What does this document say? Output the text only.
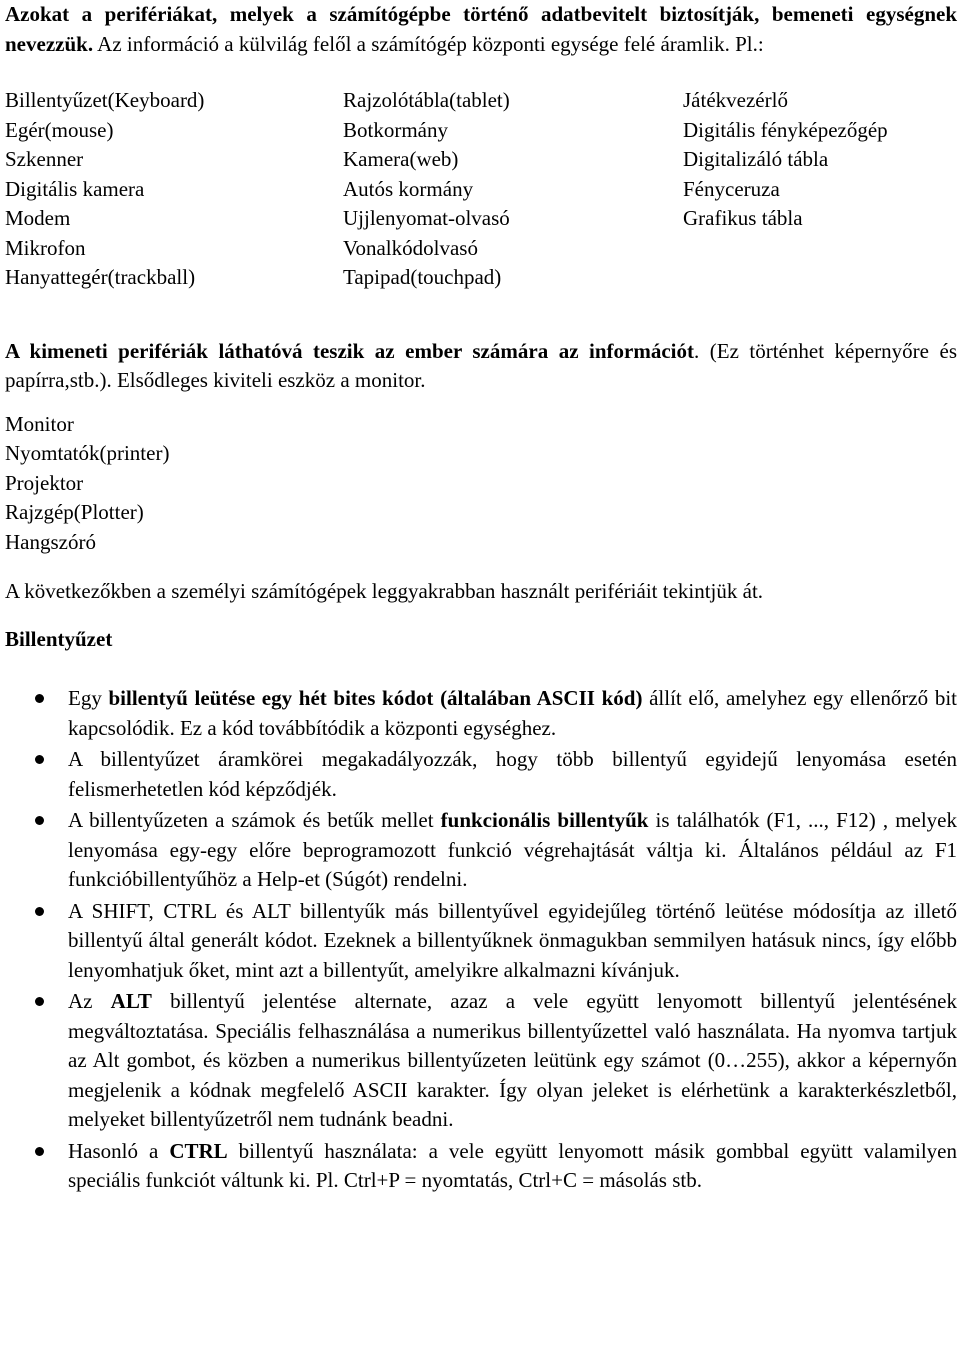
Azokat a perifériákat, melyek a számítógépbe történő adatbevitelt biztosítják, bemeneti egységnek nevezzük. Az információ a külvilág felől a számítógép központi egysége felé áramlik. Pl.:

Billentyűzet(Keyboard)
Egér(mouse)
Szkenner
Digitális kamera
Modem
Mikrofon
Hanyattegér(trackball)
Rajzolótábla(tablet)
Botkormány
Kamera(web)
Autós kormány
Ujjlenyomat-olvasó
Vonalkódolvasó
Tapipad(touchpad)
Játékvezérlő
Digitális fényképezőgép
Digitalizáló tábla
Fényceruza
Grafikus tábla

A kimeneti perifériák láthatóvá teszik az ember számára az információt. (Ez történhet képernyőre és papírra,stb.). Elsődleges kiviteli eszköz a monitor.

Monitor
Nyomtatók(printer)
Projektor
Rajzgép(Plotter)
Hangszóró

A következőkben a személyi számítógépek leggyakrabban használt perifériáit tekintjük át.

Billentyűzet

Egy billentyű leütése egy hét bites kódot (általában ASCII kód) állít elő, amelyhez egy ellenőrző bit kapcsolódik. Ez a kód továbbítódik a központi egységhez.
A billentyűzet áramkörei megakadályozzák, hogy több billentyű egyidejű lenyomása esetén felismerhetetlen kód képződjék.
A billentyűzeten a számok és betűk mellet funkcionális billentyűk is találhatók (F1, ..., F12) , melyek lenyomása egy-egy előre beprogramozott funkció végrehajtását váltja ki. Általános például az F1 funkcióbillentyűhöz a Help-et (Súgót) rendelni.
A SHIFT, CTRL és ALT billentyűk más billentyűvel egyidejűleg történő leütése módosítja az illető billentyű által generált kódot. Ezeknek a billentyűknek önmagukban semmilyen hatásuk nincs, így előbb lenyomhatjuk őket, mint azt a billentyűt, amelyikre alkalmazni kívánjuk.
Az ALT billentyű jelentése alternate, azaz a vele együtt lenyomott billentyű jelentésének megváltoztatása. Speciális felhasználása a numerikus billentyűzettel való használata. Ha nyomva tartjuk az Alt gombot, és közben a numerikus billentyűzeten leütünk egy számot (0…255), akkor a képernyőn megjelenik a kódnak megfelelő ASCII karakter. Így olyan jeleket is elérhetünk a karakterkészletből, melyeket billentyűzetről nem tudnánk beadni.
Hasonló a CTRL billentyű használata: a vele együtt lenyomott másik gombbal együtt valamilyen speciális funkciót váltunk ki. Pl. Ctrl+P = nyomtatás, Ctrl+C = másolás stb.
